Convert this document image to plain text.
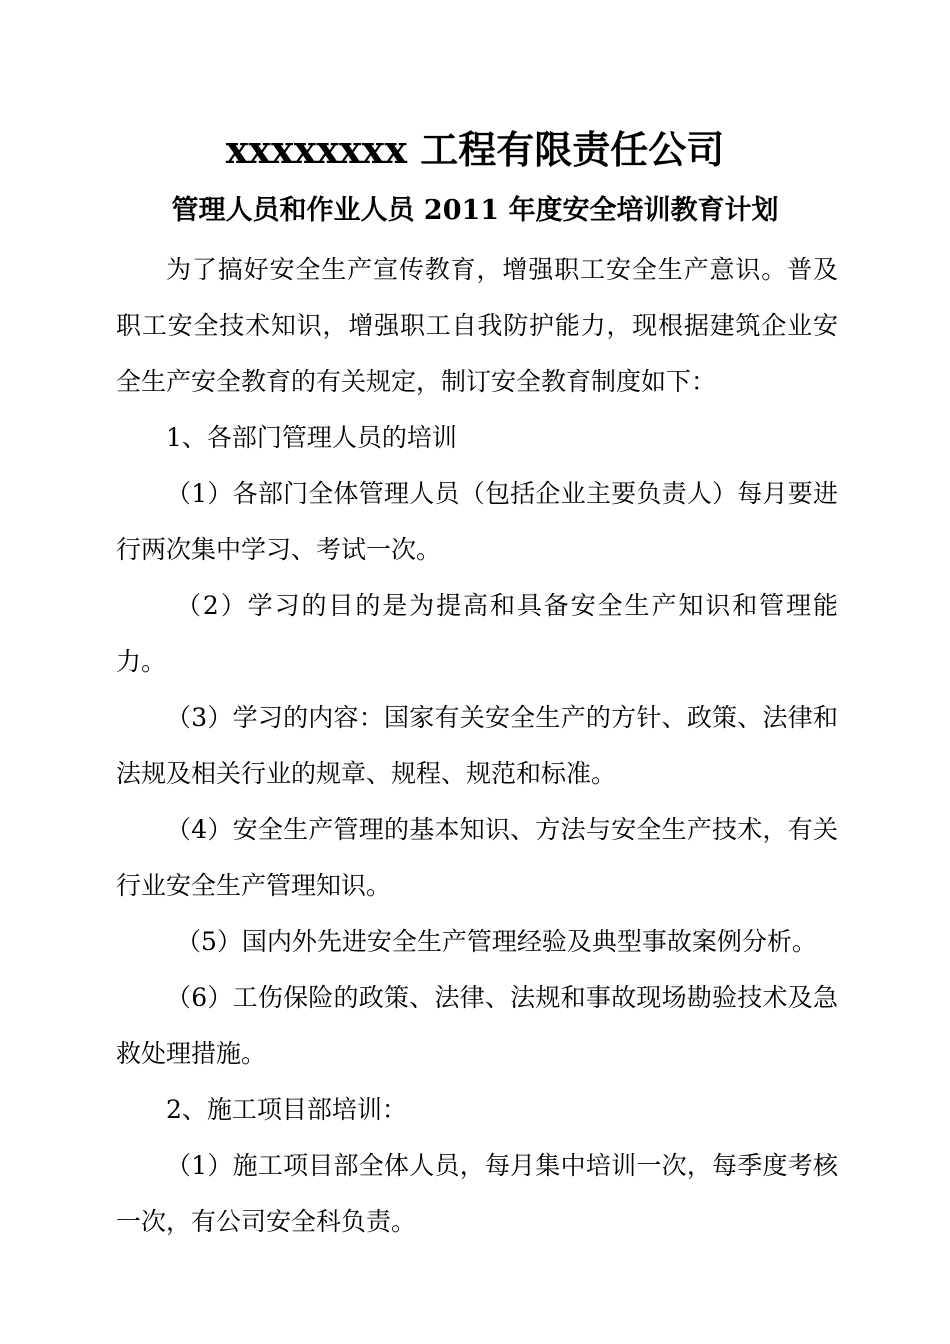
xxxxxxxx 工程有限责任公司
管理人员和作业人员 2011 年度安全培训教育计划

为了搞好安全生产宣传教育，增强职工安全生产意识。普及职工安全技术知识，增强职工自我防护能力，现根据建筑企业安全生产安全教育的有关规定，制订安全教育制度如下：

1、各部门管理人员的培训

（1）各部门全体管理人员（包括企业主要负责人）每月要进行两次集中学习、考试一次。

（2）学习的目的是为提高和具备安全生产知识和管理能力。

（3）学习的内容：国家有关安全生产的方针、政策、法律和法规及相关行业的规章、规程、规范和标准。

（4）安全生产管理的基本知识、方法与安全生产技术，有关行业安全生产管理知识。

（5）国内外先进安全生产管理经验及典型事故案例分析。

（6）工伤保险的政策、法律、法规和事故现场勘验技术及急救处理措施。

2、施工项目部培训：

（1）施工项目部全体人员，每月集中培训一次，每季度考核一次，有公司安全科负责。
